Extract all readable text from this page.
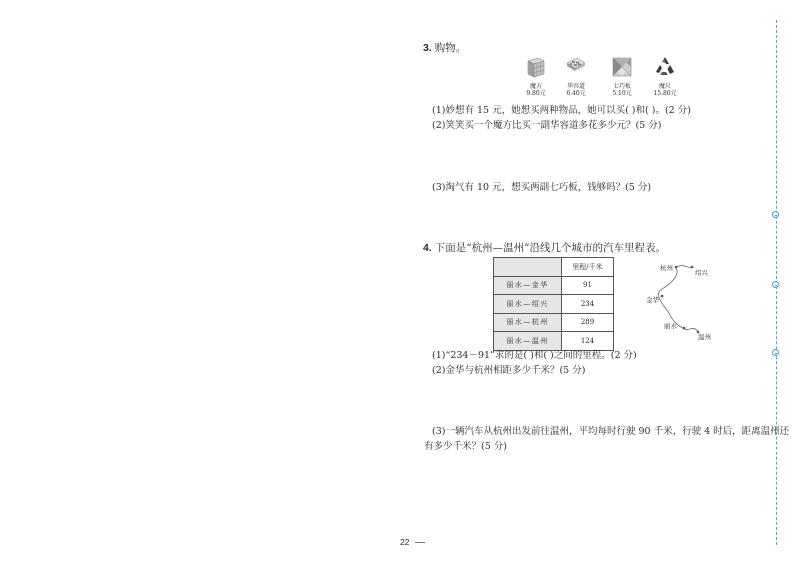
3. 购物。
魔方
9.80元
华容道
6.40元
七巧板
5.10元
魔尺
15.80元
(1)妙想有 15 元，她想买两种物品，她可以买( )和( )。(2 分)
(2)笑笑买一个魔方比买一副华容道多花多少元？(5 分)
(3)淘气有 10 元，想买两副七巧板，钱够吗？(5 分)
4. 下面是“杭州—温州”沿线几个城市的汽车里程表。
	里程/千米
丽水—金华	91
丽水—绍兴	234
丽水—杭州	289
丽水—温州	124
杭州
绍兴
金华
丽水
温州
(1)“234－91”求的是( )和( )之间的里程。(2 分)
(2)金华与杭州相距多少千米？(5 分)
(3)一辆汽车从杭州出发前往温州，平均每时行驶 90 千米，行驶 4 时后，距离温州还
有多少千米？(5 分)
22
